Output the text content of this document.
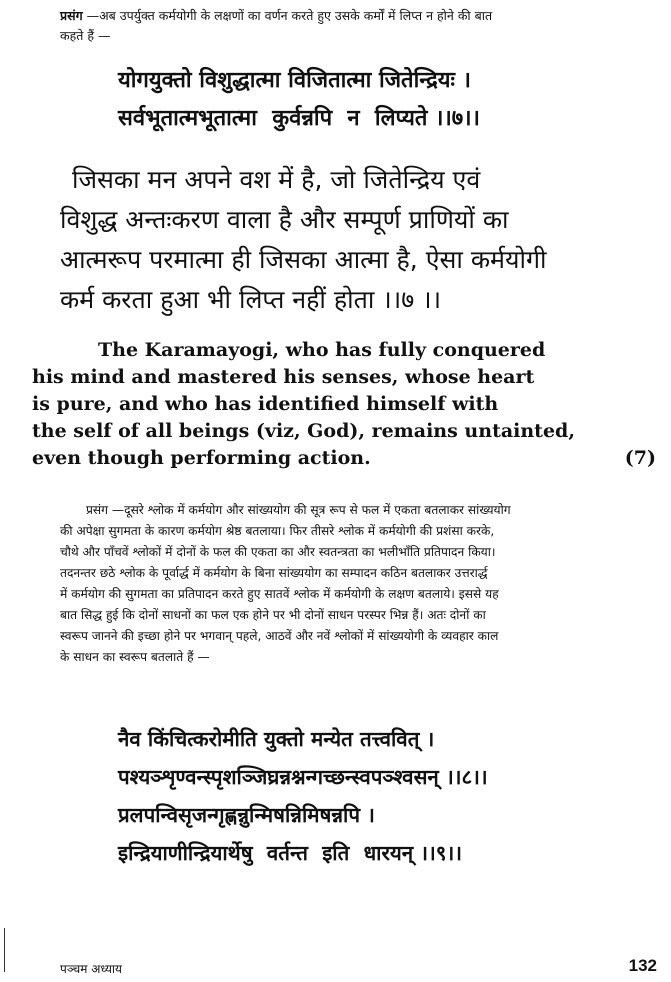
प्रसंग —अब उपर्युक्त कर्मयोगी के लक्षणों का वर्णन करते हुए उसके कर्मों में लिप्त न होने की बात
कहते हैं —
योगयुक्तो विशुद्धात्मा विजितात्मा जितेन्द्रियः ।
सर्वभूतात्मभूतात्मा  कुर्वन्नपि  न  लिप्यते ।।७।।
जिसका मन अपने वश में है, जो जितेन्द्रिय एवं
विशुद्ध अन्तःकरण वाला है और सम्पूर्ण प्राणियों का
आत्मरूप परमात्मा ही जिसका आत्मा है, ऐसा कर्मयोगी
कर्म करता हुआ भी लिप्त नहीं होता ।।७ ।।
The Karamayogi, who has fully conquered
his mind and mastered his senses, whose heart
is pure, and who has identified himself with
the self of all beings (viz, God), remains untainted,
even though performing action.	(7)
प्रसंग —दूसरे श्लोक में कर्मयोग और सांख्ययोग की सूत्र रूप से फल में एकता बतलाकर सांख्ययोग
की अपेक्षा सुगमता के कारण कर्मयोग श्रेष्ठ बतलाया। फिर तीसरे श्लोक में कर्मयोगी की प्रशंसा करके,
चौथे और पाँचवें श्लोकों में दोनों के फल की एकता का और स्वतन्त्रता का भलीभाँति प्रतिपादन किया।
तदनन्तर छठे श्लोक के पूर्वार्द्ध में कर्मयोग के बिना सांख्ययोग का सम्पादन कठिन बतलाकर उत्तरार्द्ध
में कर्मयोग की सुगमता का प्रतिपादन करते हुए सातवें श्लोक में कर्मयोगी के लक्षण बतलाये। इससे यह
बात सिद्ध हुई कि दोनों साधनों का फल एक होने पर भी दोनों साधन परस्पर भिन्न हैं। अतः दोनों का
स्वरूप जानने की इच्छा होने पर भगवान् पहले, आठवें और नवें श्लोकों में सांख्ययोगी के व्यवहार काल
के साधन का स्वरूप बतलाते हैं —
नैव किंचित्करोमीति युक्तो मन्येत तत्त्ववित् ।
पश्यञ्शृण्वन्स्पृशञ्जिघ्रन्नश्नन्गच्छन्स्वपञ्श्वसन् ।।८।।
प्रलपन्विसृजन्गृह्णन्नुन्मिषन्निमिषन्नपि ।
इन्द्रियाणीन्द्रियार्थेषु  वर्तन्त  इति  धारयन् ।।९।।
पञ्चम अध्याय	132
